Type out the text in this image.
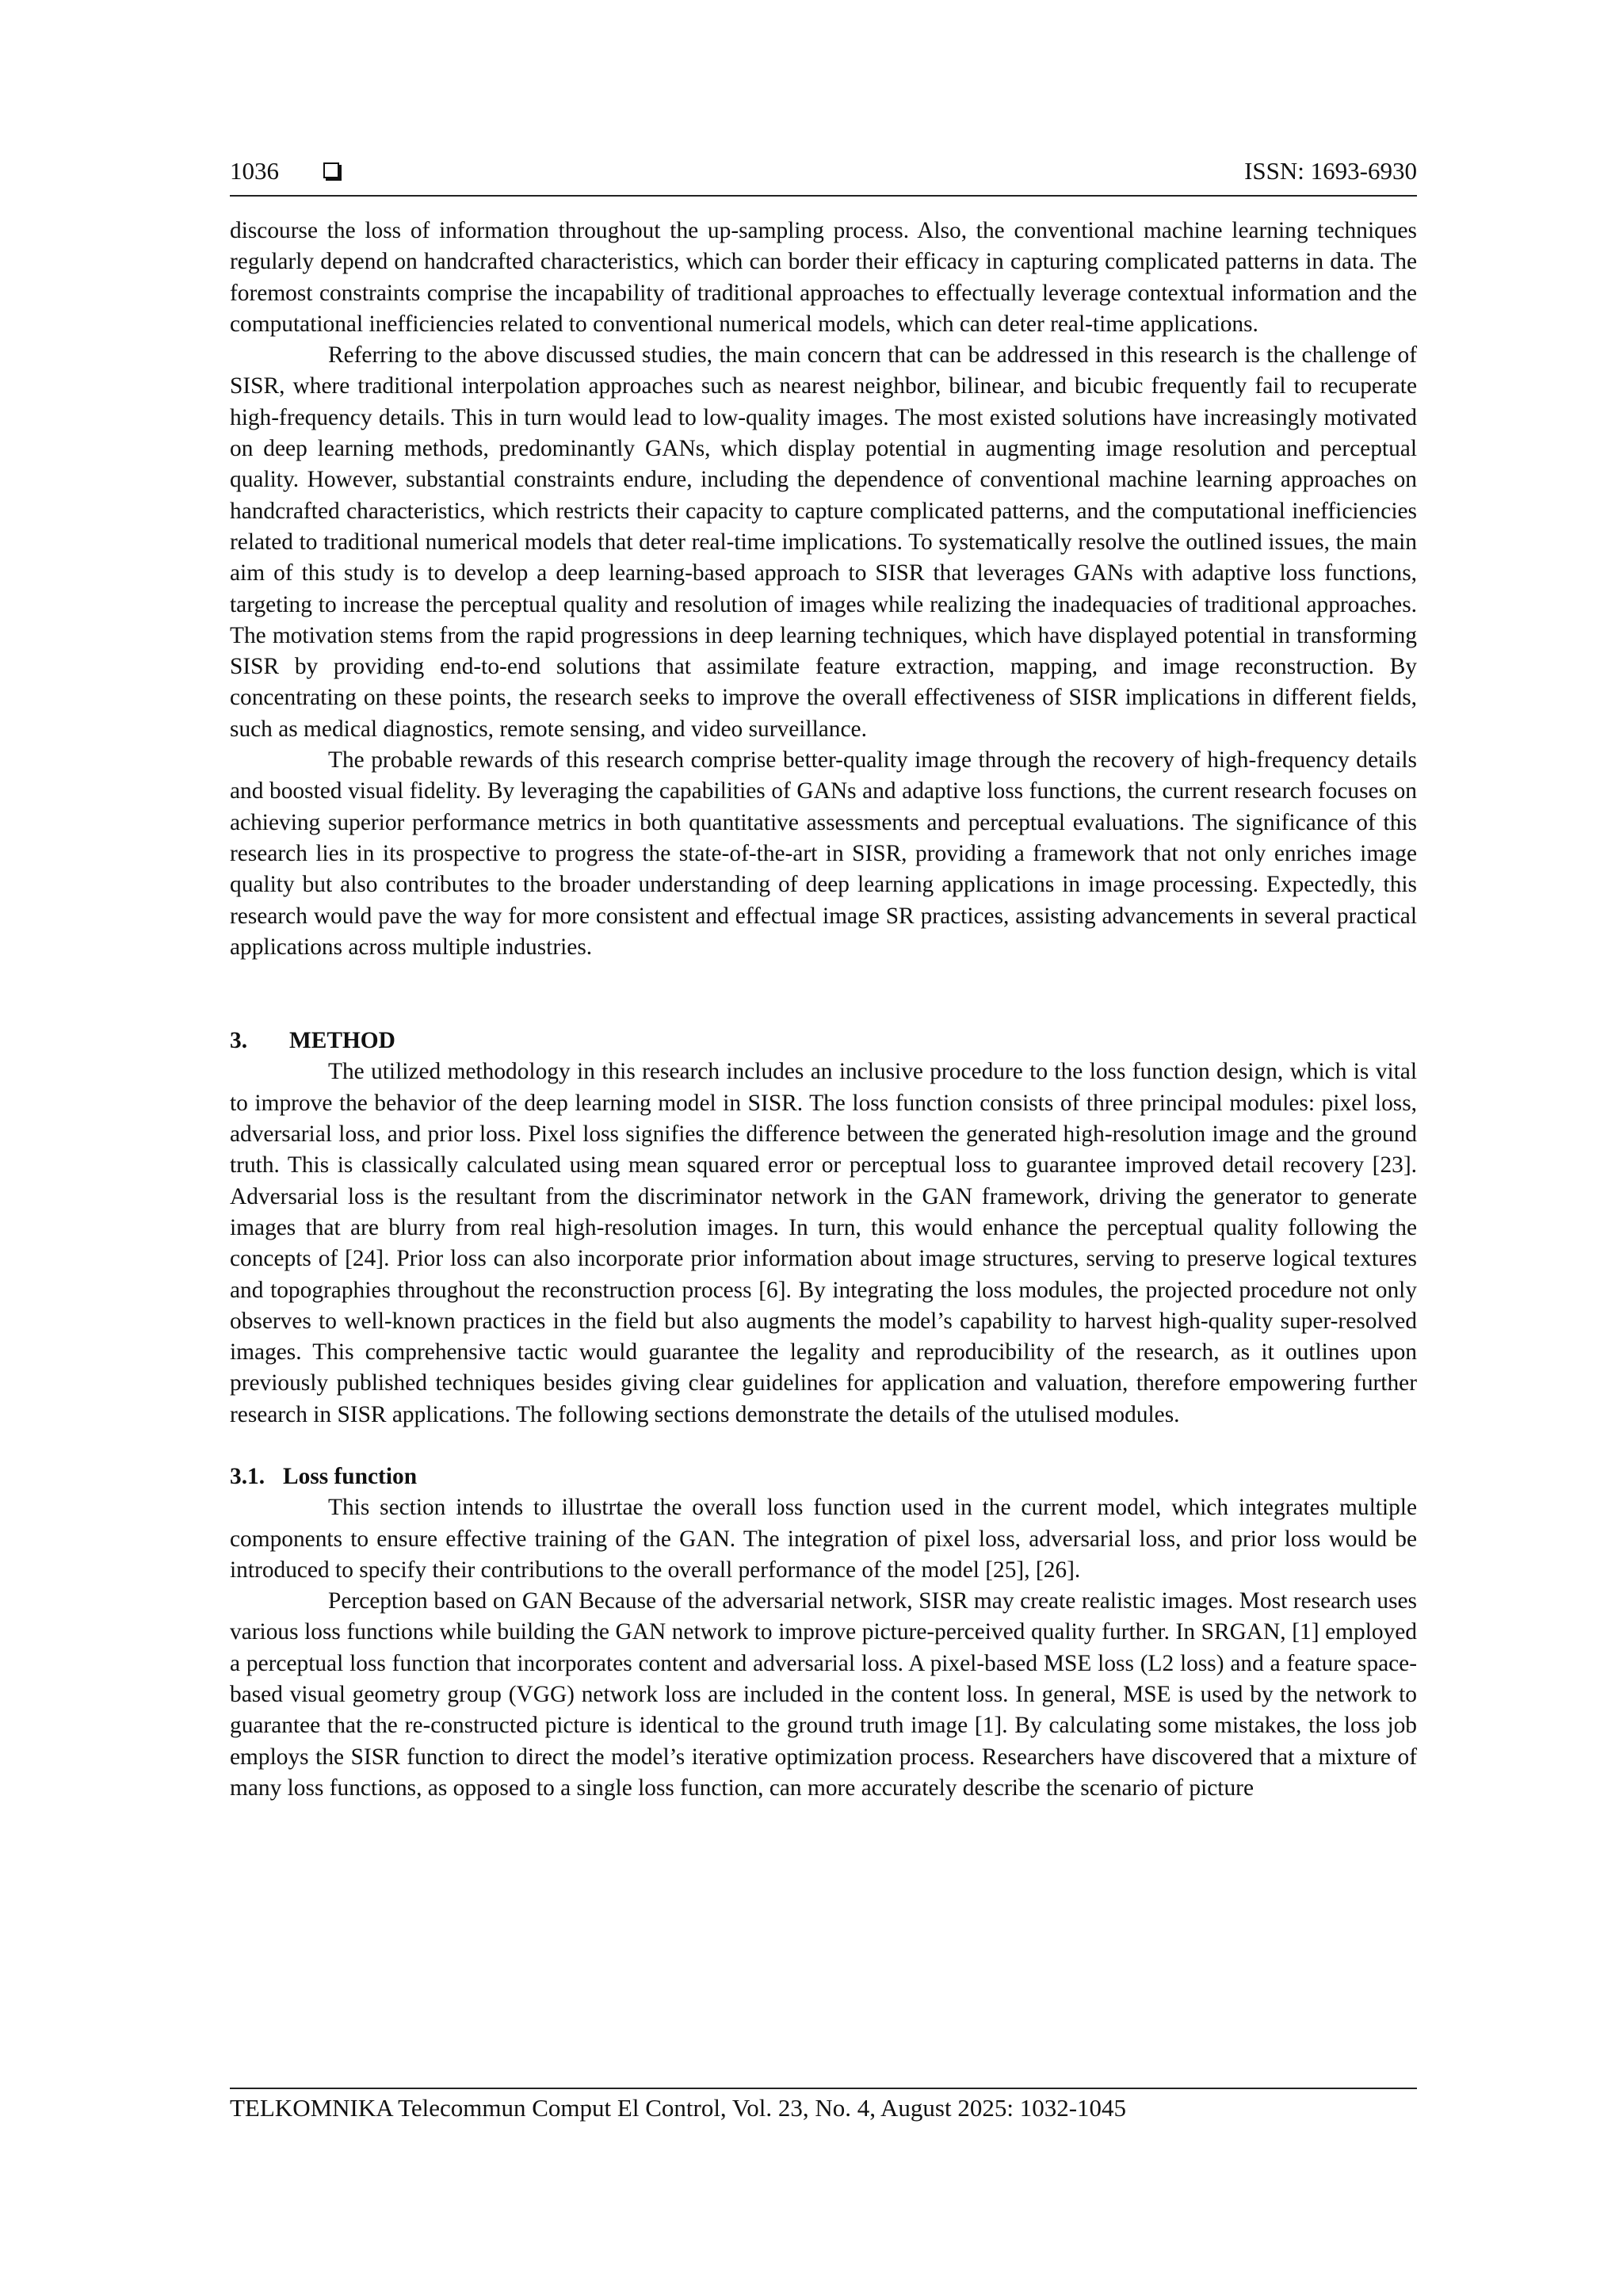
1036	ISSN: 1693-6930

discourse the loss of information throughout the up-sampling process. Also, the conventional machine learning techniques regularly depend on handcrafted characteristics, which can border their efficacy in capturing complicated patterns in data. The foremost constraints comprise the incapability of traditional approaches to effectually leverage contextual information and the computational inefficiencies related to conventional numerical models, which can deter real-time applications.

Referring to the above discussed studies, the main concern that can be addressed in this research is the challenge of SISR, where traditional interpolation approaches such as nearest neighbor, bilinear, and bicubic frequently fail to recuperate high-frequency details. This in turn would lead to low-quality images. The most existed solutions have increasingly motivated on deep learning methods, predominantly GANs, which display potential in augmenting image resolution and perceptual quality. However, substantial constraints endure, including the dependence of conventional machine learning approaches on handcrafted characteristics, which restricts their capacity to capture complicated patterns, and the computational inefficiencies related to traditional numerical models that deter real-time implications. To systematically resolve the outlined issues, the main aim of this study is to develop a deep learning-based approach to SISR that leverages GANs with adaptive loss functions, targeting to increase the perceptual quality and resolution of images while realizing the inadequacies of traditional approaches. The motivation stems from the rapid progressions in deep learning techniques, which have displayed potential in transforming SISR by providing end-to-end solutions that assimilate feature extraction, mapping, and image reconstruction. By concentrating on these points, the research seeks to improve the overall effectiveness of SISR implications in different fields, such as medical diagnostics, remote sensing, and video surveillance.

The probable rewards of this research comprise better-quality image through the recovery of high-frequency details and boosted visual fidelity. By leveraging the capabilities of GANs and adaptive loss functions, the current research focuses on achieving superior performance metrics in both quantitative assessments and perceptual evaluations. The significance of this research lies in its prospective to progress the state-of-the-art in SISR, providing a framework that not only enriches image quality but also contributes to the broader understanding of deep learning applications in image processing. Expectedly, this research would pave the way for more consistent and effectual image SR practices, assisting advancements in several practical applications across multiple industries.

3. METHOD

The utilized methodology in this research includes an inclusive procedure to the loss function design, which is vital to improve the behavior of the deep learning model in SISR. The loss function consists of three principal modules: pixel loss, adversarial loss, and prior loss. Pixel loss signifies the difference between the generated high-resolution image and the ground truth. This is classically calculated using mean squared error or perceptual loss to guarantee improved detail recovery [23]. Adversarial loss is the resultant from the discriminator network in the GAN framework, driving the generator to generate images that are blurry from real high-resolution images. In turn, this would enhance the perceptual quality following the concepts of [24]. Prior loss can also incorporate prior information about image structures, serving to preserve logical textures and topographies throughout the reconstruction process [6]. By integrating the loss modules, the projected procedure not only observes to well-known practices in the field but also augments the model’s capability to harvest high-quality super-resolved images. This comprehensive tactic would guarantee the legality and reproducibility of the research, as it outlines upon previously published techniques besides giving clear guidelines for application and valuation, therefore empowering further research in SISR applications. The following sections demonstrate the details of the utulised modules.

3.1. Loss function

This section intends to illustrtae the overall loss function used in the current model, which integrates multiple components to ensure effective training of the GAN. The integration of pixel loss, adversarial loss, and prior loss would be introduced to specify their contributions to the overall performance of the model [25], [26].

Perception based on GAN Because of the adversarial network, SISR may create realistic images. Most research uses various loss functions while building the GAN network to improve picture-perceived quality further. In SRGAN, [1] employed a perceptual loss function that incorporates content and adversarial loss. A pixel-based MSE loss (L2 loss) and a feature space-based visual geometry group (VGG) network loss are included in the content loss. In general, MSE is used by the network to guarantee that the re-constructed picture is identical to the ground truth image [1]. By calculating some mistakes, the loss job employs the SISR function to direct the model’s iterative optimization process. Researchers have discovered that a mixture of many loss functions, as opposed to a single loss function, can more accurately describe the scenario of picture

TELKOMNIKA Telecommun Comput El Control, Vol. 23, No. 4, August 2025: 1032-1045
